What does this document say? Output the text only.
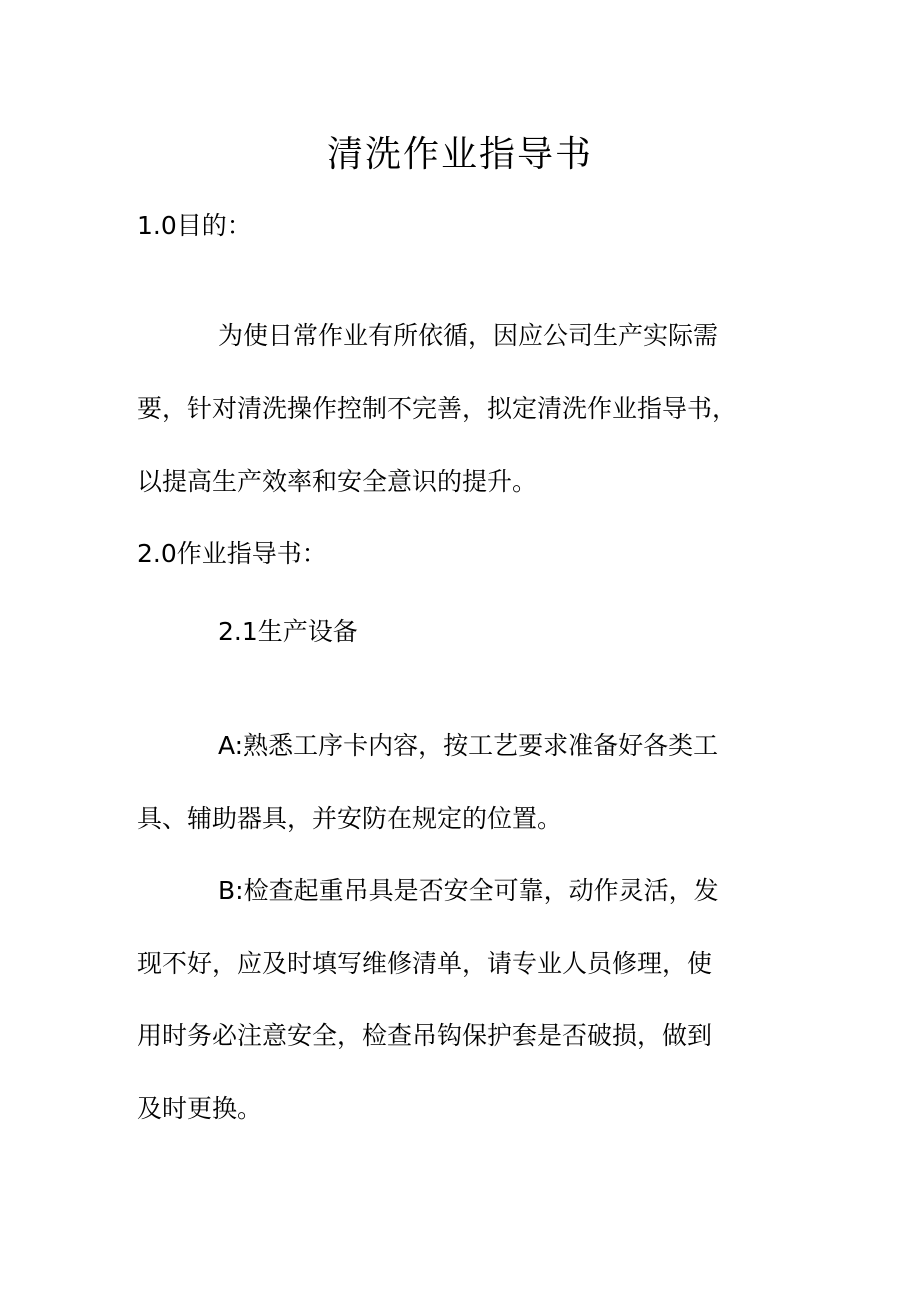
清洗作业指导书

1.0目的：

为使日常作业有所依循，因应公司生产实际需

要，针对清洗操作控制不完善，拟定清洗作业指导书，

以提高生产效率和安全意识的提升。

2.0作业指导书：

2.1生产设备

A:熟悉工序卡内容，按工艺要求准备好各类工

具、辅助器具，并安防在规定的位置。

B:检查起重吊具是否安全可靠，动作灵活，发

现不好，应及时填写维修清单，请专业人员修理，使

用时务必注意安全，检查吊钩保护套是否破损，做到

及时更换。
